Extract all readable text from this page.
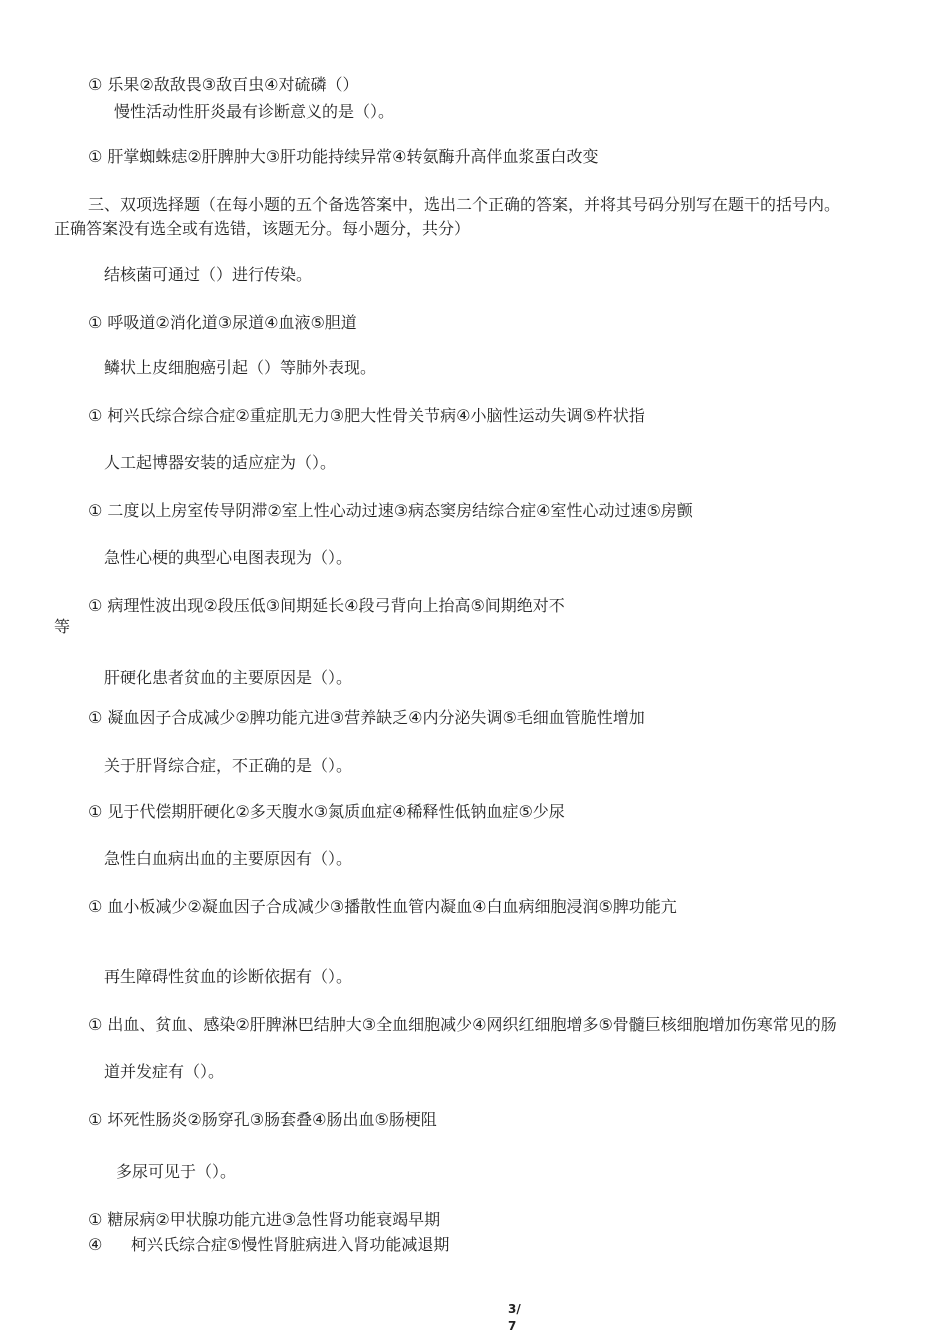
① 乐果②敌敌畏③敌百虫④对硫磷（）
慢性活动性肝炎最有诊断意义的是（）。
① 肝掌蜘蛛痣②肝脾肿大③肝功能持续异常④转氨酶升高伴血浆蛋白改变
三、双项选择题（在每小题的五个备选答案中，选出二个正确的答案，并将其号码分别写在题干的括号内。
正确答案没有选全或有选错，该题无分。每小题分，共分）
结核菌可通过（）进行传染。
① 呼吸道②消化道③尿道④血液⑤胆道
鳞状上皮细胞癌引起（）等肺外表现。
① 柯兴氏综合综合症②重症肌无力③肥大性骨关节病④小脑性运动失调⑤杵状指
人工起博器安装的适应症为（）。
① 二度以上房室传导阴滞②室上性心动过速③病态窦房结综合症④室性心动过速⑤房颤
急性心梗的典型心电图表现为（）。
① 病理性波出现②段压低③间期延长④段弓背向上抬高⑤间期绝对不
等
肝硬化患者贫血的主要原因是（）。
① 凝血因子合成减少②脾功能亢进③营养缺乏④内分泌失调⑤毛细血管脆性增加
关于肝肾综合症，不正确的是（）。
① 见于代偿期肝硬化②多天腹水③氮质血症④稀释性低钠血症⑤少尿
急性白血病出血的主要原因有（）。
① 血小板减少②凝血因子合成减少③播散性血管内凝血④白血病细胞浸润⑤脾功能亢
再生障碍性贫血的诊断依据有（）。
① 出血、贫血、感染②肝脾淋巴结肿大③全血细胞减少④网织红细胞增多⑤骨髓巨核细胞增加伤寒常见的肠
道并发症有（）。
① 坏死性肠炎②肠穿孔③肠套叠④肠出血⑤肠梗阻
多尿可见于（）。
① 糖尿病②甲状腺功能亢进③急性肾功能衰竭早期
④ 柯兴氏综合症⑤慢性肾脏病进入肾功能减退期
3/
7
